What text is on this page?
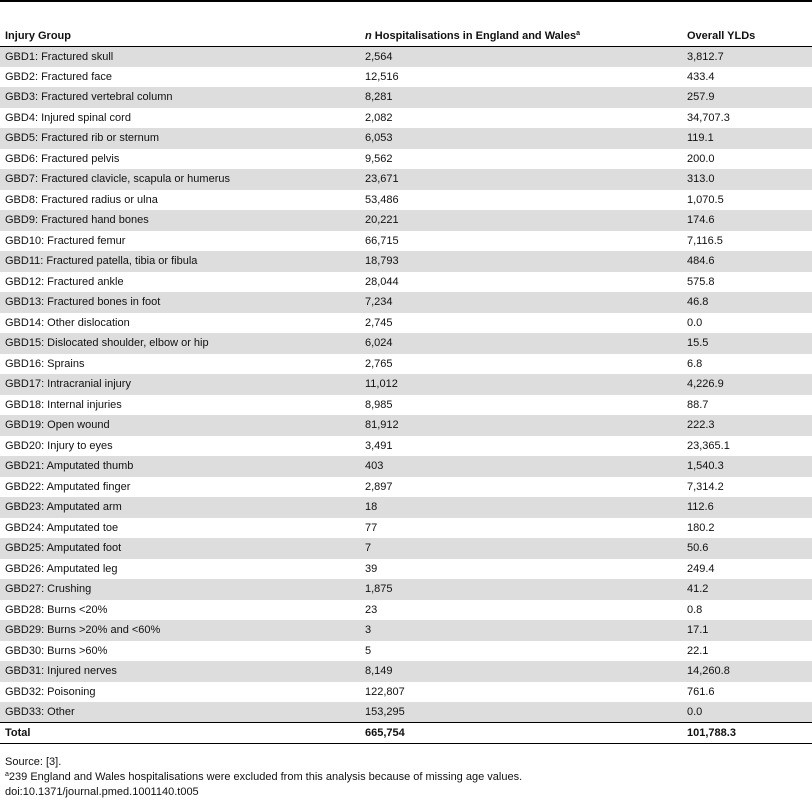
Injury Group	n Hospitalisations in England and Wales$^a$	Overall YLDs
GBD1: Fractured skull	2,564	3,812.7
GBD2: Fractured face	12,516	433.4
GBD3: Fractured vertebral column	8,281	257.9
GBD4: Injured spinal cord	2,082	34,707.3
GBD5: Fractured rib or sternum	6,053	119.1
GBD6: Fractured pelvis	9,562	200.0
GBD7: Fractured clavicle, scapula or humerus	23,671	313.0
GBD8: Fractured radius or ulna	53,486	1,070.5
GBD9: Fractured hand bones	20,221	174.6
GBD10: Fractured femur	66,715	7,116.5
GBD11: Fractured patella, tibia or fibula	18,793	484.6
GBD12: Fractured ankle	28,044	575.8
GBD13: Fractured bones in foot	7,234	46.8
GBD14: Other dislocation	2,745	0.0
GBD15: Dislocated shoulder, elbow or hip	6,024	15.5
GBD16: Sprains	2,765	6.8
GBD17: Intracranial injury	11,012	4,226.9
GBD18: Internal injuries	8,985	88.7
GBD19: Open wound	81,912	222.3
GBD20: Injury to eyes	3,491	23,365.1
GBD21: Amputated thumb	403	1,540.3
GBD22: Amputated finger	2,897	7,314.2
GBD23: Amputated arm	18	112.6
GBD24: Amputated toe	77	180.2
GBD25: Amputated foot	7	50.6
GBD26: Amputated leg	39	249.4
GBD27: Crushing	1,875	41.2
GBD28: Burns <20%	23	0.8
GBD29: Burns >20% and <60%	3	17.1
GBD30: Burns >60%	5	22.1
GBD31: Injured nerves	8,149	14,260.8
GBD32: Poisoning	122,807	761.6
GBD33: Other	153,295	0.0
Total	665,754	101,788.3
Source: [3].
$^a$239 England and Wales hospitalisations were excluded from this analysis because of missing age values.
doi:10.1371/journal.pmed.1001140.t005
